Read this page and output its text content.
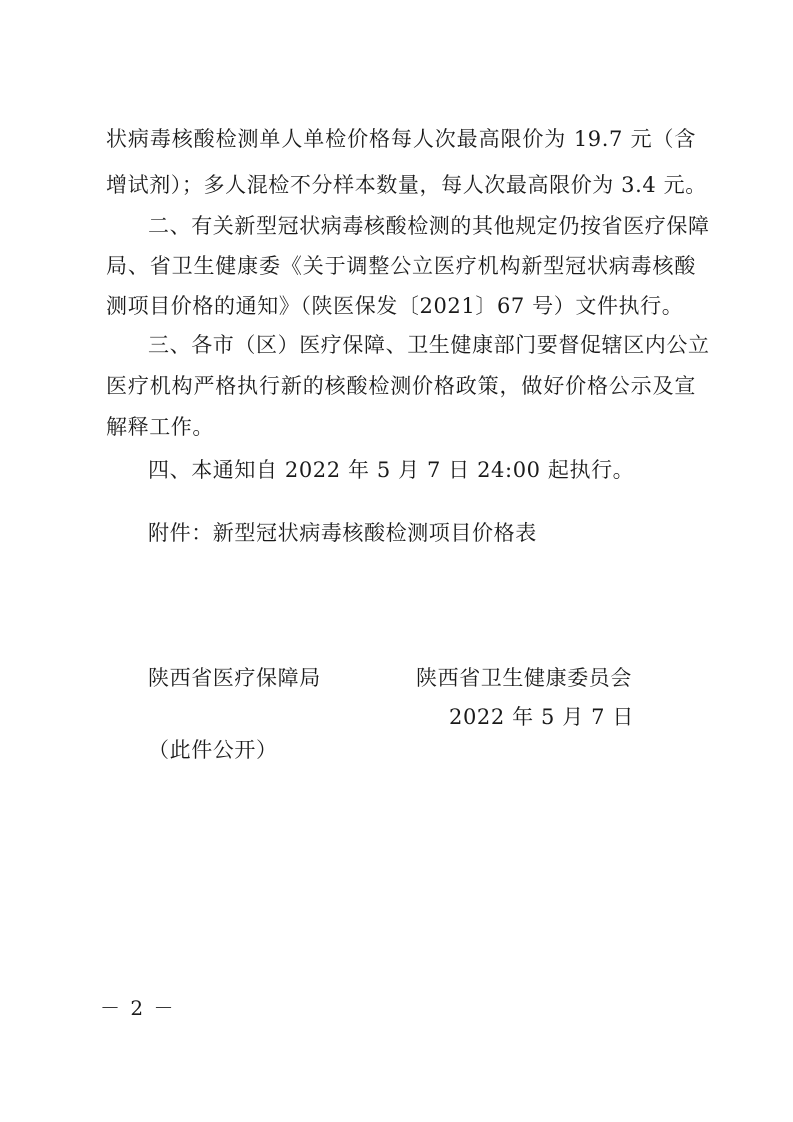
状病毒核酸检测单人单检价格每人次最高限价为 19.7 元（含
增试剂）；多人混检不分样本数量，每人次最高限价为 3.4 元。
二、有关新型冠状病毒核酸检测的其他规定仍按省医疗保障
局、省卫生健康委《关于调整公立医疗机构新型冠状病毒核酸
测项目价格的通知》（陕医保发〔2021〕67 号）文件执行。
三、各市（区）医疗保障、卫生健康部门要督促辖区内公立
医疗机构严格执行新的核酸检测价格政策，做好价格公示及宣
解释工作。
四、本通知自 2022 年 5 月 7 日 24:00 起执行。
附件：新型冠状病毒核酸检测项目价格表
陕西省医疗保障局	陕西省卫生健康委员会
2022 年 5 月 7 日
（此件公开）
－ 2 －
